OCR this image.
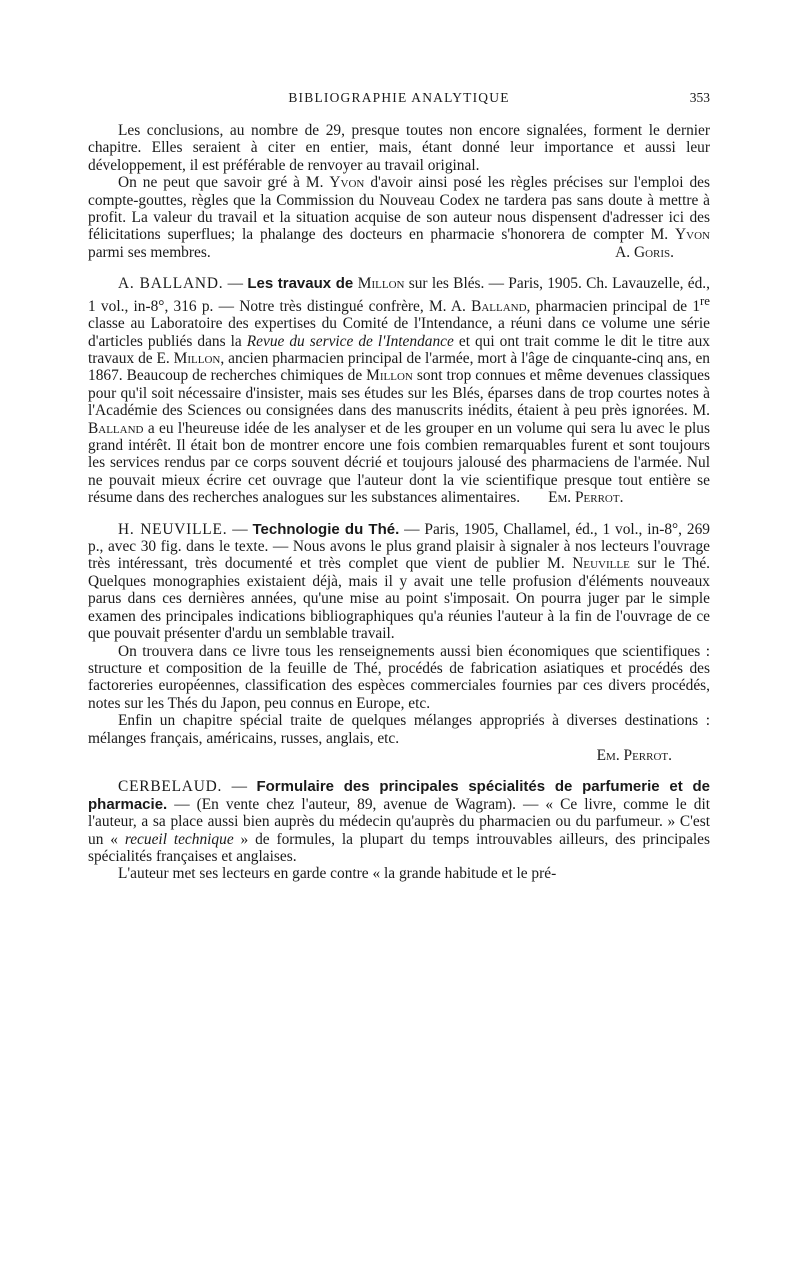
BIBLIOGRAPHIE ANALYTIQUE	353

Les conclusions, au nombre de 29, presque toutes non encore signalées, forment le dernier chapitre. Elles seraient à citer en entier, mais, étant donné leur importance et aussi leur développement, il est préférable de renvoyer au travail original.

On ne peut que savoir gré à M. Yvon d'avoir ainsi posé les règles précises sur l'emploi des compte-gouttes, règles que la Commission du Nouveau Codex ne tardera pas sans doute à mettre à profit. La valeur du travail et la situation acquise de son auteur nous dispensent d'adresser ici des félicitations superflues; la phalange des docteurs en pharmacie s'honorera de compter M. Yvon parmi ses membres.	A. Goris.

A. BALLAND. — Les travaux de Millon sur les Blés. — Paris, 1905. Ch. Lavauzelle, éd., 1 vol., in-8°, 316 p. — Notre très distingué confrère, M. A. Balland, pharmacien principal de 1re classe au Laboratoire des expertises du Comité de l'Intendance, a réuni dans ce volume une série d'articles publiés dans la Revue du service de l'Intendance et qui ont trait comme le dit le titre aux travaux de E. Millon, ancien pharmacien principal de l'armée, mort à l'âge de cinquante-cinq ans, en 1867. Beaucoup de recherches chimiques de Millon sont trop connues et même devenues classiques pour qu'il soit nécessaire d'insister, mais ses études sur les Blés, éparses dans de trop courtes notes à l'Académie des Sciences ou consignées dans des manuscrits inédits, étaient à peu près ignorées. M. Balland a eu l'heureuse idée de les analyser et de les grouper en un volume qui sera lu avec le plus grand intérêt. Il était bon de montrer encore une fois combien remarquables furent et sont toujours les services rendus par ce corps souvent décrié et toujours jalousé des pharmaciens de l'armée. Nul ne pouvait mieux écrire cet ouvrage que l'auteur dont la vie scientifique presque tout entière se résume dans des recherches analogues sur les substances alimentaires. Em. Perrot.

H. NEUVILLE. — Technologie du Thé. — Paris, 1905, Challamel, éd., 1 vol., in-8°, 269 p., avec 30 fig. dans le texte. — Nous avons le plus grand plaisir à signaler à nos lecteurs l'ouvrage très intéressant, très documenté et très complet que vient de publier M. Neuville sur le Thé. Quelques monographies existaient déjà, mais il y avait une telle profusion d'éléments nouveaux parus dans ces dernières années, qu'une mise au point s'imposait. On pourra juger par le simple examen des principales indications bibliographiques qu'a réunies l'auteur à la fin de l'ouvrage de ce que pouvait présenter d'ardu un semblable travail.

On trouvera dans ce livre tous les renseignements aussi bien économiques que scientifiques : structure et composition de la feuille de Thé, procédés de fabrication asiatiques et procédés des factoreries européennes, classification des espèces commerciales fournies par ces divers procédés, notes sur les Thés du Japon, peu connus en Europe, etc.

Enfin un chapitre spécial traite de quelques mélanges appropriés à diverses destinations : mélanges français, américains, russes, anglais, etc.

Em. Perrot.

CERBELAUD. — Formulaire des principales spécialités de parfumerie et de pharmacie. — (En vente chez l'auteur, 89, avenue de Wagram). — « Ce livre, comme le dit l'auteur, a sa place aussi bien auprès du médecin qu'auprès du pharmacien ou du parfumeur. » C'est un « recueil technique » de formules, la plupart du temps introuvables ailleurs, des principales spécialités françaises et anglaises.

L'auteur met ses lecteurs en garde contre « la grande habitude et le pré-
